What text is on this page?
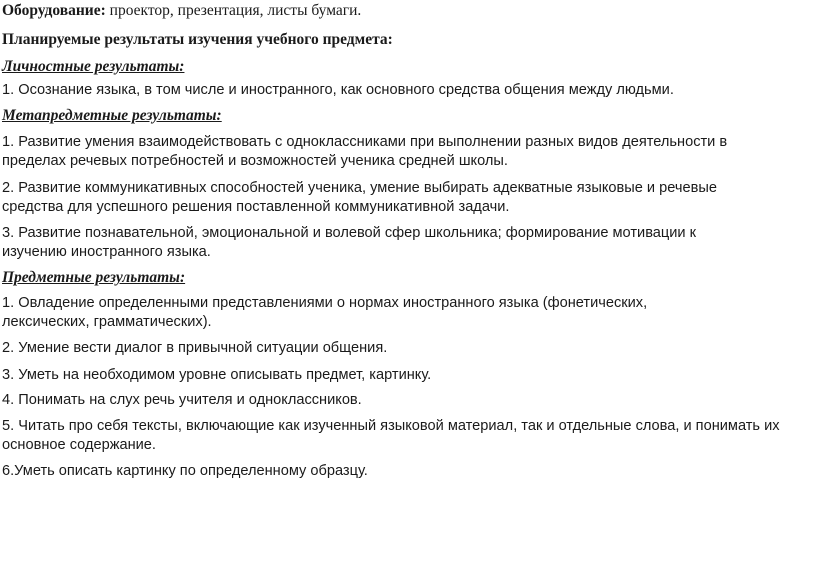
Оборудование: проектор, презентация, листы бумаги.

Планируемые результаты изучения учебного предмета:

Личностные результаты:

1. Осознание языка, в том числе и иностранного, как основного средства общения между людьми.

Метапредметные результаты:

1. Развитие умения взаимодействовать с одноклассниками при выполнении разных видов деятельности в пределах речевых потребностей и возможностей ученика средней школы.

2. Развитие коммуникативных способностей ученика, умение выбирать адекватные языковые и речевые средства для успешного решения поставленной коммуникативной задачи.

3. Развитие познавательной, эмоциональной и волевой сфер школьника; формирование мотивации к изучению иностранного языка.

Предметные результаты:

1. Овладение определенными представлениями о нормах иностранного языка (фонетических, лексических, грамматических).

2. Умение вести диалог в привычной ситуации общения.

3. Уметь на необходимом уровне описывать предмет, картинку.

4. Понимать на слух речь учителя и одноклассников.

5. Читать про себя тексты, включающие как изученный языковой материал, так и отдельные слова, и понимать их основное содержание.

6.Уметь описать картинку по определенному образцу.
